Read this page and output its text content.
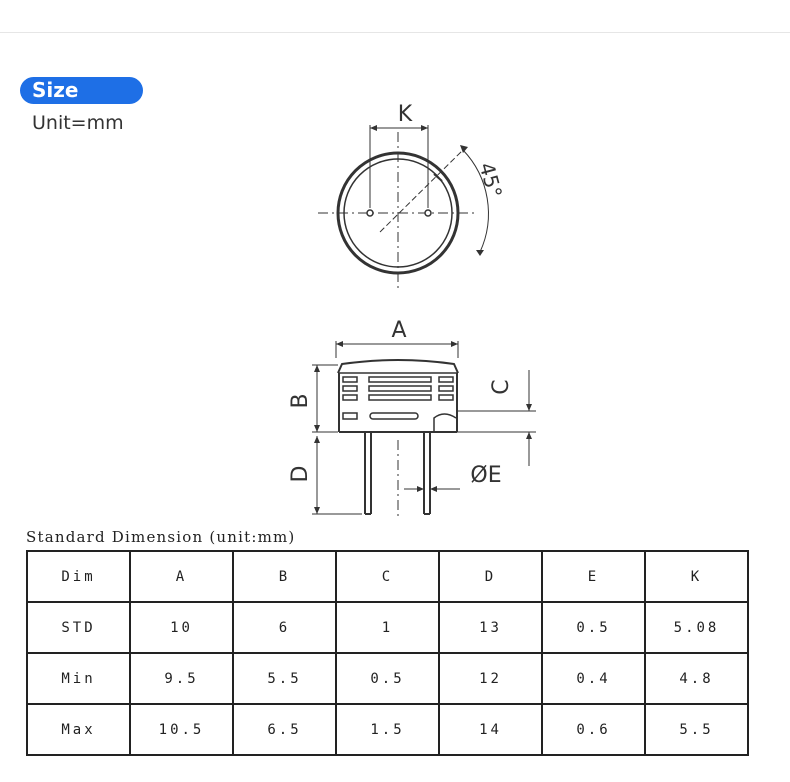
Size
Unit=mm	K
45°
A
B
D
C
ØE
Standard Dimension (unit:mm)
Dim	A	B	C	D	E	K
STD	10	6	1	13	0.5	5.08
Min	9.5	5.5	0.5	12	0.4	4.8
Max	10.5	6.5	1.5	14	0.6	5.5
